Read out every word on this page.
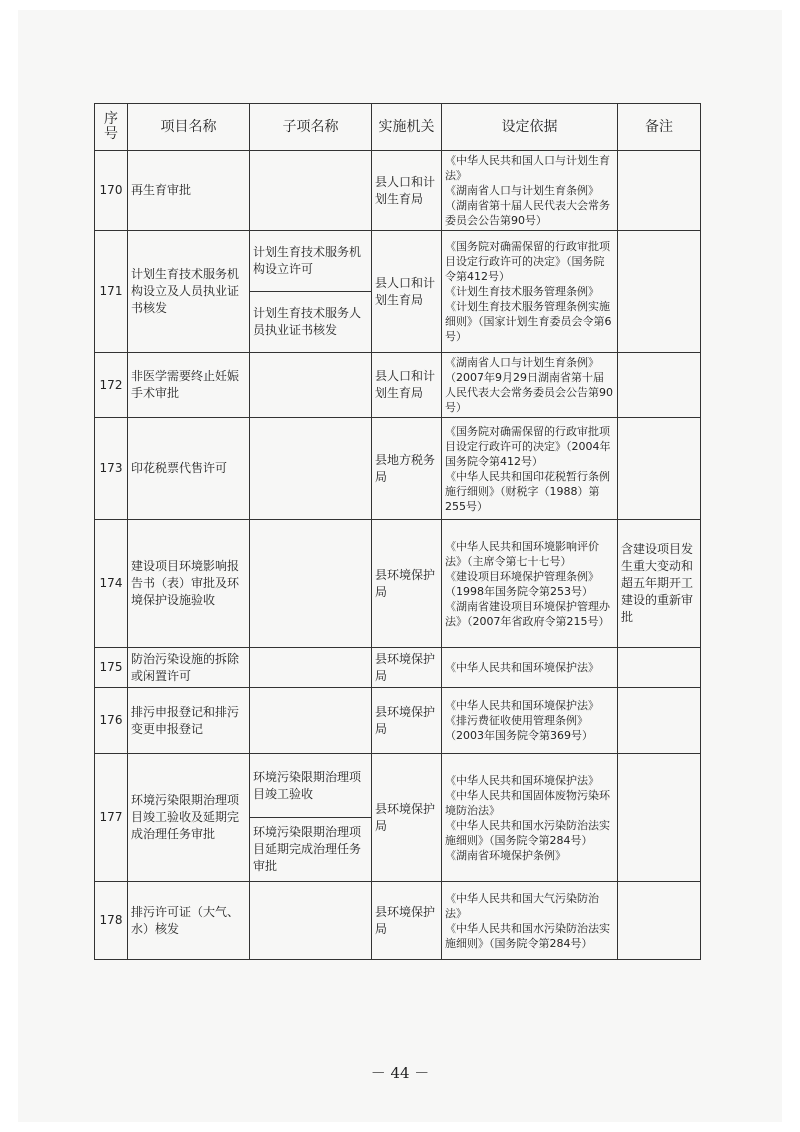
序号	项目名称	子项名称	实施机关	设定依据	备注
170	再生育审批		县人口和计划生育局	《中华人民共和国人口与计划生育法》
《湖南省人口与计划生育条例》（湖南省第十届人民代表大会常务委员会公告第90号）	

171	计划生育技术服务机构设立及人员执业证书核发	计划生育技术服务机构设立许可	县人口和计划生育局	《国务院对确需保留的行政审批项目设定行政许可的决定》（国务院令第412号）
《计划生育技术服务管理条例》
《计划生育技术服务管理条例实施细则》（国家计划生育委员会令第6号）	

		计划生育技术服务人员执业证书核发			
172	非医学需要终止妊娠手术审批		县人口和计划生育局	《湖南省人口与计划生育条例》（2007年9月29日湖南省第十届人民代表大会常务委员会公告第90号）	

173	印花税票代售许可		县地方税务局	《国务院对确需保留的行政审批项目设定行政许可的决定》（2004年国务院令第412号）
《中华人民共和国印花税暂行条例施行细则》（财税字（1988）第255号）	

174	建设项目环境影响报告书（表）审批及环境保护设施验收		县环境保护局	《中华人民共和国环境影响评价法》（主席令第七十七号）
《建设项目环境保护管理条例》（1998年国务院令第253号）
《湖南省建设项目环境保护管理办法》（2007年省政府令第215号）	含建设项目发生重大变动和超五年期开工建设的重新审批
175	防治污染设施的拆除或闲置许可		县环境保护局	《中华人民共和国环境保护法》	

176	排污申报登记和排污变更申报登记		县环境保护局	《中华人民共和国环境保护法》
《排污费征收使用管理条例》（2003年国务院令第369号）	

177	环境污染限期治理项目竣工验收及延期完成治理任务审批	环境污染限期治理项目竣工验收	县环境保护局	《中华人民共和国环境保护法》
《中华人民共和国固体废物污染环境防治法》
《中华人民共和国水污染防治法实施细则》（国务院令第284号）
《湖南省环境保护条例》	

		环境污染限期治理项目延期完成治理任务审批			
178	排污许可证（大气、水）核发		县环境保护局	《中华人民共和国大气污染防治法》
《中华人民共和国水污染防治法实施细则》（国务院令第284号）	

－ 44 －
